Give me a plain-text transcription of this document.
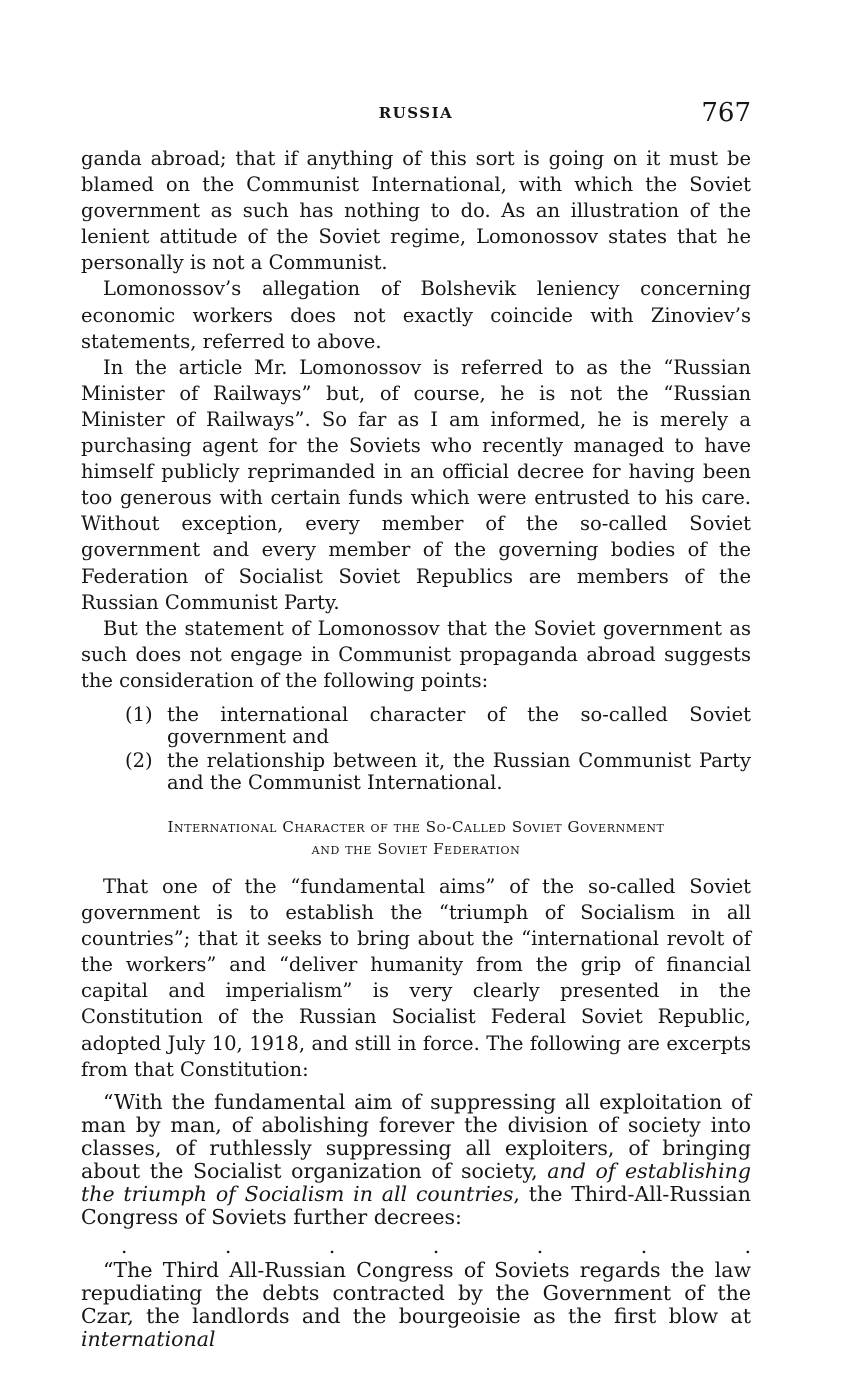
RUSSIA	767

ganda abroad; that if anything of this sort is going on it must be blamed on the Communist International, with which the Soviet government as such has nothing to do. As an illustration of the lenient attitude of the Soviet regime, Lomonossov states that he personally is not a Communist.

Lomonossov’s allegation of Bolshevik leniency concerning economic workers does not exactly coincide with Zinoviev’s statements, referred to above.

In the article Mr. Lomonossov is referred to as the “Russian Minister of Railways” but, of course, he is not the “Russian Minister of Railways”. So far as I am informed, he is merely a purchasing agent for the Soviets who recently managed to have himself publicly reprimanded in an official decree for having been too generous with certain funds which were entrusted to his care. Without exception, every member of the so-called Soviet government and every member of the governing bodies of the Federation of Socialist Soviet Republics are members of the Russian Communist Party.

But the statement of Lomonossov that the Soviet government as such does not engage in Communist propaganda abroad suggests the consideration of the following points:

(1) the international character of the so-called Soviet government and
(2) the relationship between it, the Russian Communist Party and the Communist International.
International Character of the So-Called Soviet Government
and the Soviet Federation

That one of the “fundamental aims” of the so-called Soviet government is to establish the “triumph of Socialism in all countries”; that it seeks to bring about the “international revolt of the workers” and “deliver humanity from the grip of financial capital and imperialism” is very clearly presented in the Constitution of the Russian Socialist Federal Soviet Republic, adopted July 10, 1918, and still in force. The following are excerpts from that Constitution:

“With the fundamental aim of suppressing all exploitation of man by man, of abolishing forever the division of society into classes, of ruthlessly suppressing all exploiters, of bringing about the Socialist organization of society, and of establishing the triumph of Socialism in all countries, the Third-All-Russian Congress of Soviets further decrees:

.	.	.	.	.	.	.

“The Third All-Russian Congress of Soviets regards the law repudiating the debts contracted by the Government of the Czar, the landlords and the bourgeoisie as the first blow at international
